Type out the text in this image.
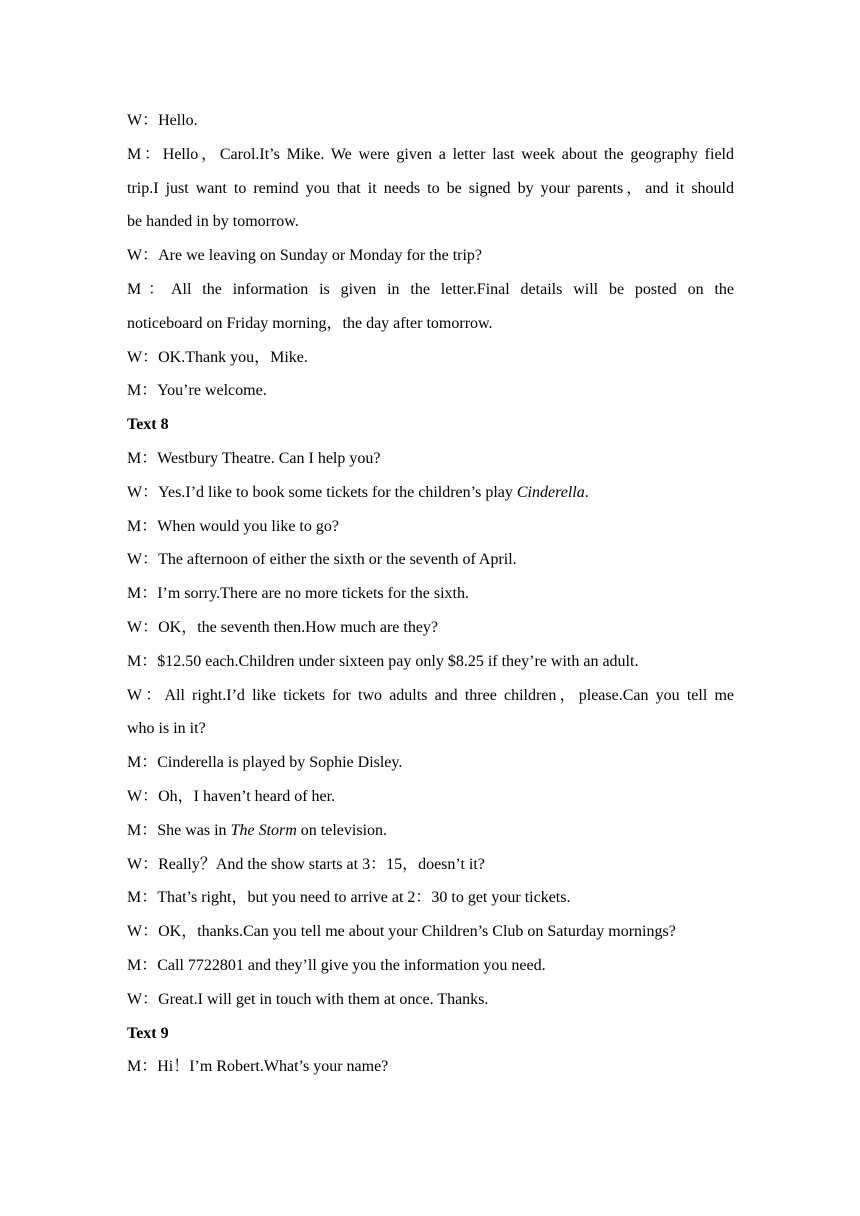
W：Hello.
M：Hello，Carol.It’s Mike. We were given a letter last week about the geography field
trip.I just want to remind you that it needs to be signed by your parents，and it should
be handed in by tomorrow.
W：Are we leaving on Sunday or Monday for the trip?
M：All the information is given in the letter.Final details will be posted on the
noticeboard on Friday morning，the day after tomorrow.
W：OK.Thank you，Mike.
M：You’re welcome.
Text 8
M：Westbury Theatre. Can I help you?
W：Yes.I’d like to book some tickets for the children’s play Cinderella.
M：When would you like to go?
W：The afternoon of either the sixth or the seventh of April.
M：I’m sorry.There are no more tickets for the sixth.
W：OK，the seventh then.How much are they?
M：$12.50 each.Children under sixteen pay only $8.25 if they’re with an adult.
W：All right.I’d like tickets for two adults and three children，please.Can you tell me
who is in it?
M：Cinderella is played by Sophie Disley.
W：Oh，I haven’t heard of her.
M：She was in The Storm on television.
W：Really？And the show starts at 3：15，doesn’t it?
M：That’s right，but you need to arrive at 2：30 to get your tickets.
W：OK，thanks.Can you tell me about your Children’s Club on Saturday mornings?
M：Call 7722801 and they’ll give you the information you need.
W：Great.I will get in touch with them at once. Thanks.
Text 9
M：Hi！I’m Robert.What’s your name?
